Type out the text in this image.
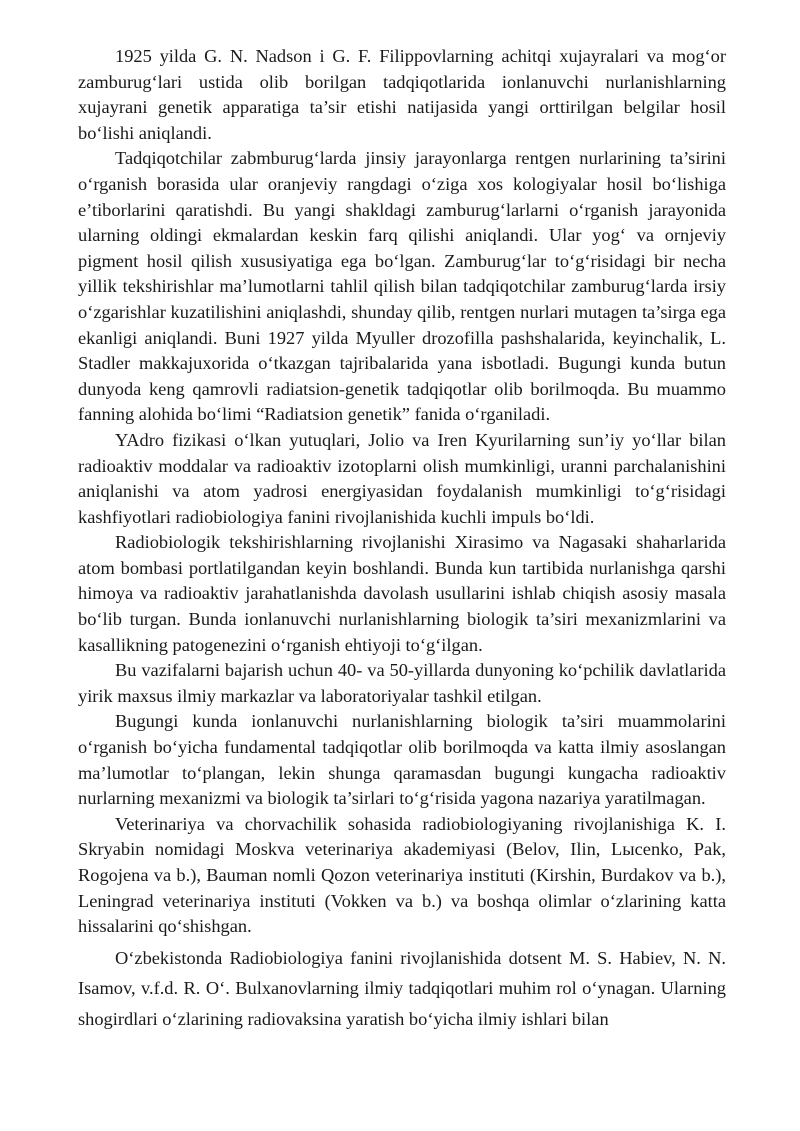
1925 yilda G. N. Nadson i G. F. Filippovlarning achitqi xujayralari va mog‘or zamburug‘lari ustida olib borilgan tadqiqotlarida ionlanuvchi nurlanishlarning xujayrani genetik apparatiga ta’sir etishi natijasida yangi orttirilgan belgilar hosil bo‘lishi aniqlandi.

Tadqiqotchilar zabmburug‘larda jinsiy jarayonlarga rentgen nurlarining ta’sirini o‘rganish borasida ular oranjeviy rangdagi o‘ziga xos kologiyalar hosil bo‘lishiga e’tiborlarini qaratishdi. Bu yangi shakldagi zamburug‘larlarni o‘rganish jarayonida ularning oldingi ekmalardan keskin farq qilishi aniqlandi. Ular yog‘ va ornjeviy pigment hosil qilish xususiyatiga ega bo‘lgan. Zamburug‘lar to‘g‘risidagi bir necha yillik tekshirishlar ma’lumotlarni tahlil qilish bilan tadqiqotchilar zamburug‘larda irsiy o‘zgarishlar kuzatilishini aniqlashdi, shunday qilib, rentgen nurlari mutagen ta’sirga ega ekanligi aniqlandi. Buni 1927 yilda Myuller drozofilla pashshalarida, keyinchalik, L. Stadler makkajuxorida o‘tkazgan tajribalarida yana isbotladi. Bugungi kunda butun dunyoda keng qamrovli radiatsion-genetik tadqiqotlar olib borilmoqda. Bu muammo fanning alohida bo‘limi “Radiatsion genetik” fanida o‘rganiladi.

YAdro fizikasi o‘lkan yutuqlari, Jolio va Iren Kyurilarning sun’iy yo‘llar bilan radioaktiv moddalar va radioaktiv izotoplarni olish mumkinligi, uranni parchalanishini aniqlanishi va atom yadrosi energiyasidan foydalanish mumkinligi to‘g‘risidagi kashfiyotlari radiobiologiya fanini rivojlanishida kuchli impuls bo‘ldi.

Radiobiologik tekshirishlarning rivojlanishi Xirasimo va Nagasaki shaharlarida atom bombasi portlatilgandan keyin boshlandi. Bunda kun tartibida nurlanishga qarshi himoya va radioaktiv jarahatlanishda davolash usullarini ishlab chiqish asosiy masala bo‘lib turgan. Bunda ionlanuvchi nurlanishlarning biologik ta’siri mexanizmlarini va kasallikning patogenezini o‘rganish ehtiyoji to‘g‘ilgan.

Bu vazifalarni bajarish uchun 40- va 50-yillarda dunyoning ko‘pchilik davlatlarida yirik maxsus ilmiy markazlar va laboratoriyalar tashkil etilgan.

Bugungi kunda ionlanuvchi nurlanishlarning biologik ta’siri muammolarini o‘rganish bo‘yicha fundamental tadqiqotlar olib borilmoqda va katta ilmiy asoslangan ma’lumotlar to‘plangan, lekin shunga qaramasdan bugungi kungacha radioaktiv nurlarning mexanizmi va biologik ta’sirlari to‘g‘risida yagona nazariya yaratilmagan.

Veterinariya va chorvachilik sohasida radiobiologiyaning rivojlanishiga K. I. Skryabin nomidagi Moskva veterinariya akademiyasi (Belov, Ilin, Lысenko, Pak, Rogojena va b.), Bauman nomli Qozon veterinariya instituti (Kirshin, Burdakov va b.), Leningrad veterinariya instituti (Vokken va b.) va boshqa olimlar o‘zlarining katta hissalarini qo‘shishgan.

O‘zbekistonda Radiobiologiya fanini rivojlanishida dotsent M. S. Habiev, N. N. Isamov, v.f.d. R. O‘. Bulxanovlarning ilmiy tadqiqotlari muhim rol o‘ynagan. Ularning shogirdlari o‘zlarining radiovaksina yaratish bo‘yicha ilmiy ishlari bilan
